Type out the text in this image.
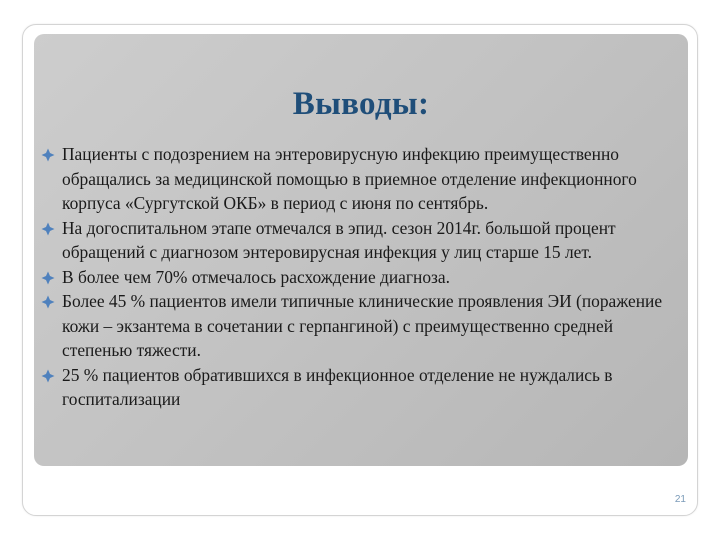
Выводы:
Пациенты с подозрением на энтеровирусную инфекцию преимущественно обращались за медицинской помощью в приемное отделение инфекционного корпуса «Сургутской ОКБ» в период с июня по сентябрь.
На догоспитальном этапе отмечался в эпид. сезон 2014г. большой процент обращений с диагнозом энтеровирусная инфекция у лиц старше 15 лет.
В более чем 70% отмечалось расхождение диагноза.
Более 45 % пациентов имели типичные клинические проявления ЭИ (поражение кожи – экзантема в сочетании с герпангиной) с преимущественно средней степенью тяжести.
25 % пациентов обратившихся в инфекционное отделение не нуждались в госпитализации
21
